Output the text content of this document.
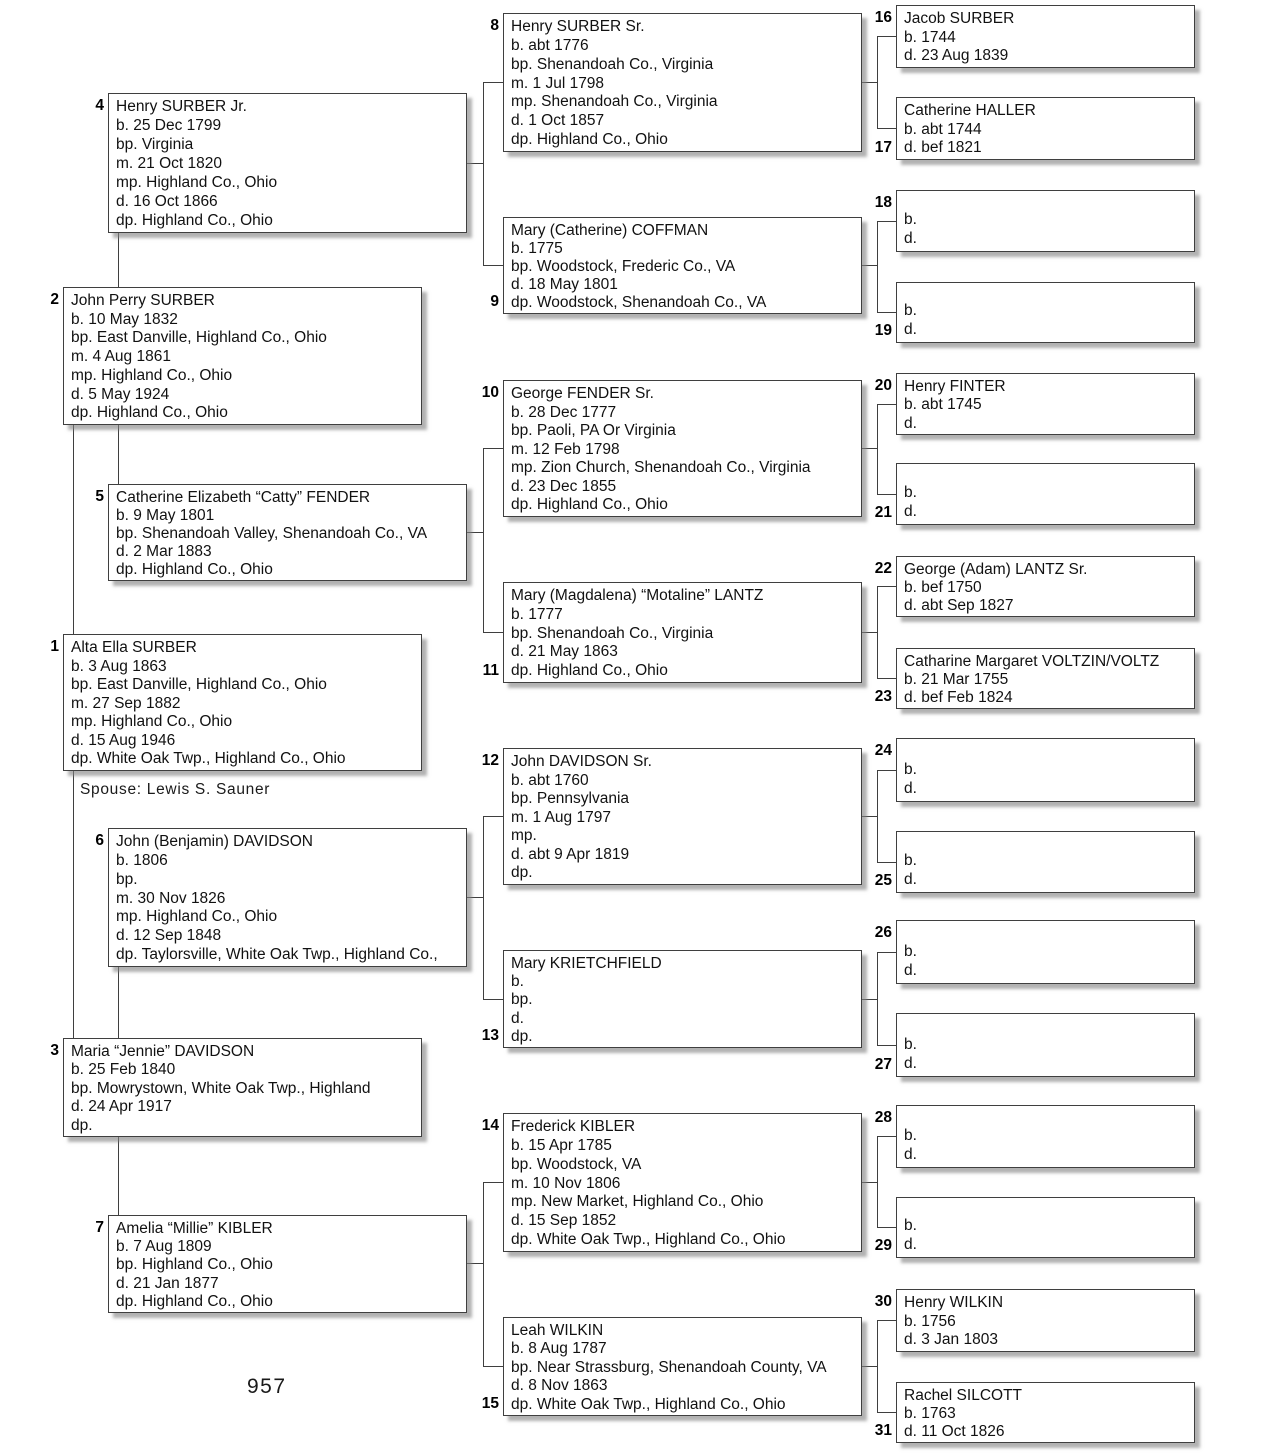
1 Alta Ella SURBER
b. 3 Aug 1863
bp. East Danville, Highland Co., Ohio
m. 27 Sep 1882
mp. Highland Co., Ohio
d. 15 Aug 1946
dp. White Oak Twp., Highland Co., Ohio
2 John Perry SURBER
b. 10 May 1832
bp. East Danville, Highland Co., Ohio
m. 4 Aug 1861
mp. Highland Co., Ohio
d. 5 May 1924
dp. Highland Co., Ohio
3 Maria “Jennie” DAVIDSON
b. 25 Feb 1840
bp. Mowrystown, White Oak Twp., Highland
d. 24 Apr 1917
dp.
4 Henry SURBER Jr.
b. 25 Dec 1799
bp. Virginia
m. 21 Oct 1820
mp. Highland Co., Ohio
d. 16 Oct 1866
dp. Highland Co., Ohio
5 Catherine Elizabeth “Catty” FENDER
b. 9 May 1801
bp. Shenandoah Valley, Shenandoah Co., VA
d. 2 Mar 1883
dp. Highland Co., Ohio
6 John (Benjamin) DAVIDSON
b. 1806
bp.
m. 30 Nov 1826
mp. Highland Co., Ohio
d. 12 Sep 1848
dp. Taylorsville, White Oak Twp., Highland Co.,
7 Amelia “Millie” KIBLER
b. 7 Aug 1809
bp. Highland Co., Ohio
d. 21 Jan 1877
dp. Highland Co., Ohio
8 Henry SURBER Sr.
b. abt 1776
bp. Shenandoah Co., Virginia
m. 1 Jul 1798
mp. Shenandoah Co., Virginia
d. 1 Oct 1857
dp. Highland Co., Ohio
9
Mary (Catherine) COFFMAN
b. 1775
bp. Woodstock, Frederic Co., VA
d. 18 May 1801
dp. Woodstock, Shenandoah Co., VA
10 George FENDER Sr.
b. 28 Dec 1777
bp. Paoli, PA Or Virginia
m. 12 Feb 1798
mp. Zion Church, Shenandoah Co., Virginia
d. 23 Dec 1855
dp. Highland Co., Ohio
11
Mary (Magdalena) “Motaline” LANTZ
b. 1777
bp. Shenandoah Co., Virginia
d. 21 May 1863
dp. Highland Co., Ohio
12 John DAVIDSON Sr.
b. abt 1760
bp. Pennsylvania
m. 1 Aug 1797
mp.
d. abt 9 Apr 1819
dp.
13
Mary KRIETCHFIELD
b.
bp.
d.
dp.
14 Frederick KIBLER
b. 15 Apr 1785
bp. Woodstock, VA
m. 10 Nov 1806
mp. New Market, Highland Co., Ohio
d. 15 Sep 1852
dp. White Oak Twp., Highland Co., Ohio
15
Leah WILKIN
b. 8 Aug 1787
bp. Near Strassburg, Shenandoah County, VA
d. 8 Nov 1863
dp. White Oak Twp., Highland Co., Ohio
16 Jacob SURBER
b. 1744
d. 23 Aug 1839
17
Catherine HALLER
b. abt 1744
d. bef 1821
18
b.
d.
19
b.
d.
20 Henry FINTER
b. abt 1745
d.
21
b.
d.
22 George (Adam) LANTZ Sr.
b. bef 1750
d. abt Sep 1827
23
Catharine Margaret VOLTZIN/VOLTZ
b. 21 Mar 1755
d. bef Feb 1824
24
b.
d.
25
b.
d.
26
b.
d.
27
b.
d.
28
b.
d.
29
b.
d.
30 Henry WILKIN
b. 1756
d. 3 Jan 1803
31
Rachel SILCOTT
b. 1763
d. 11 Oct 1826
Spouse: Lewis S. Sauner
957
